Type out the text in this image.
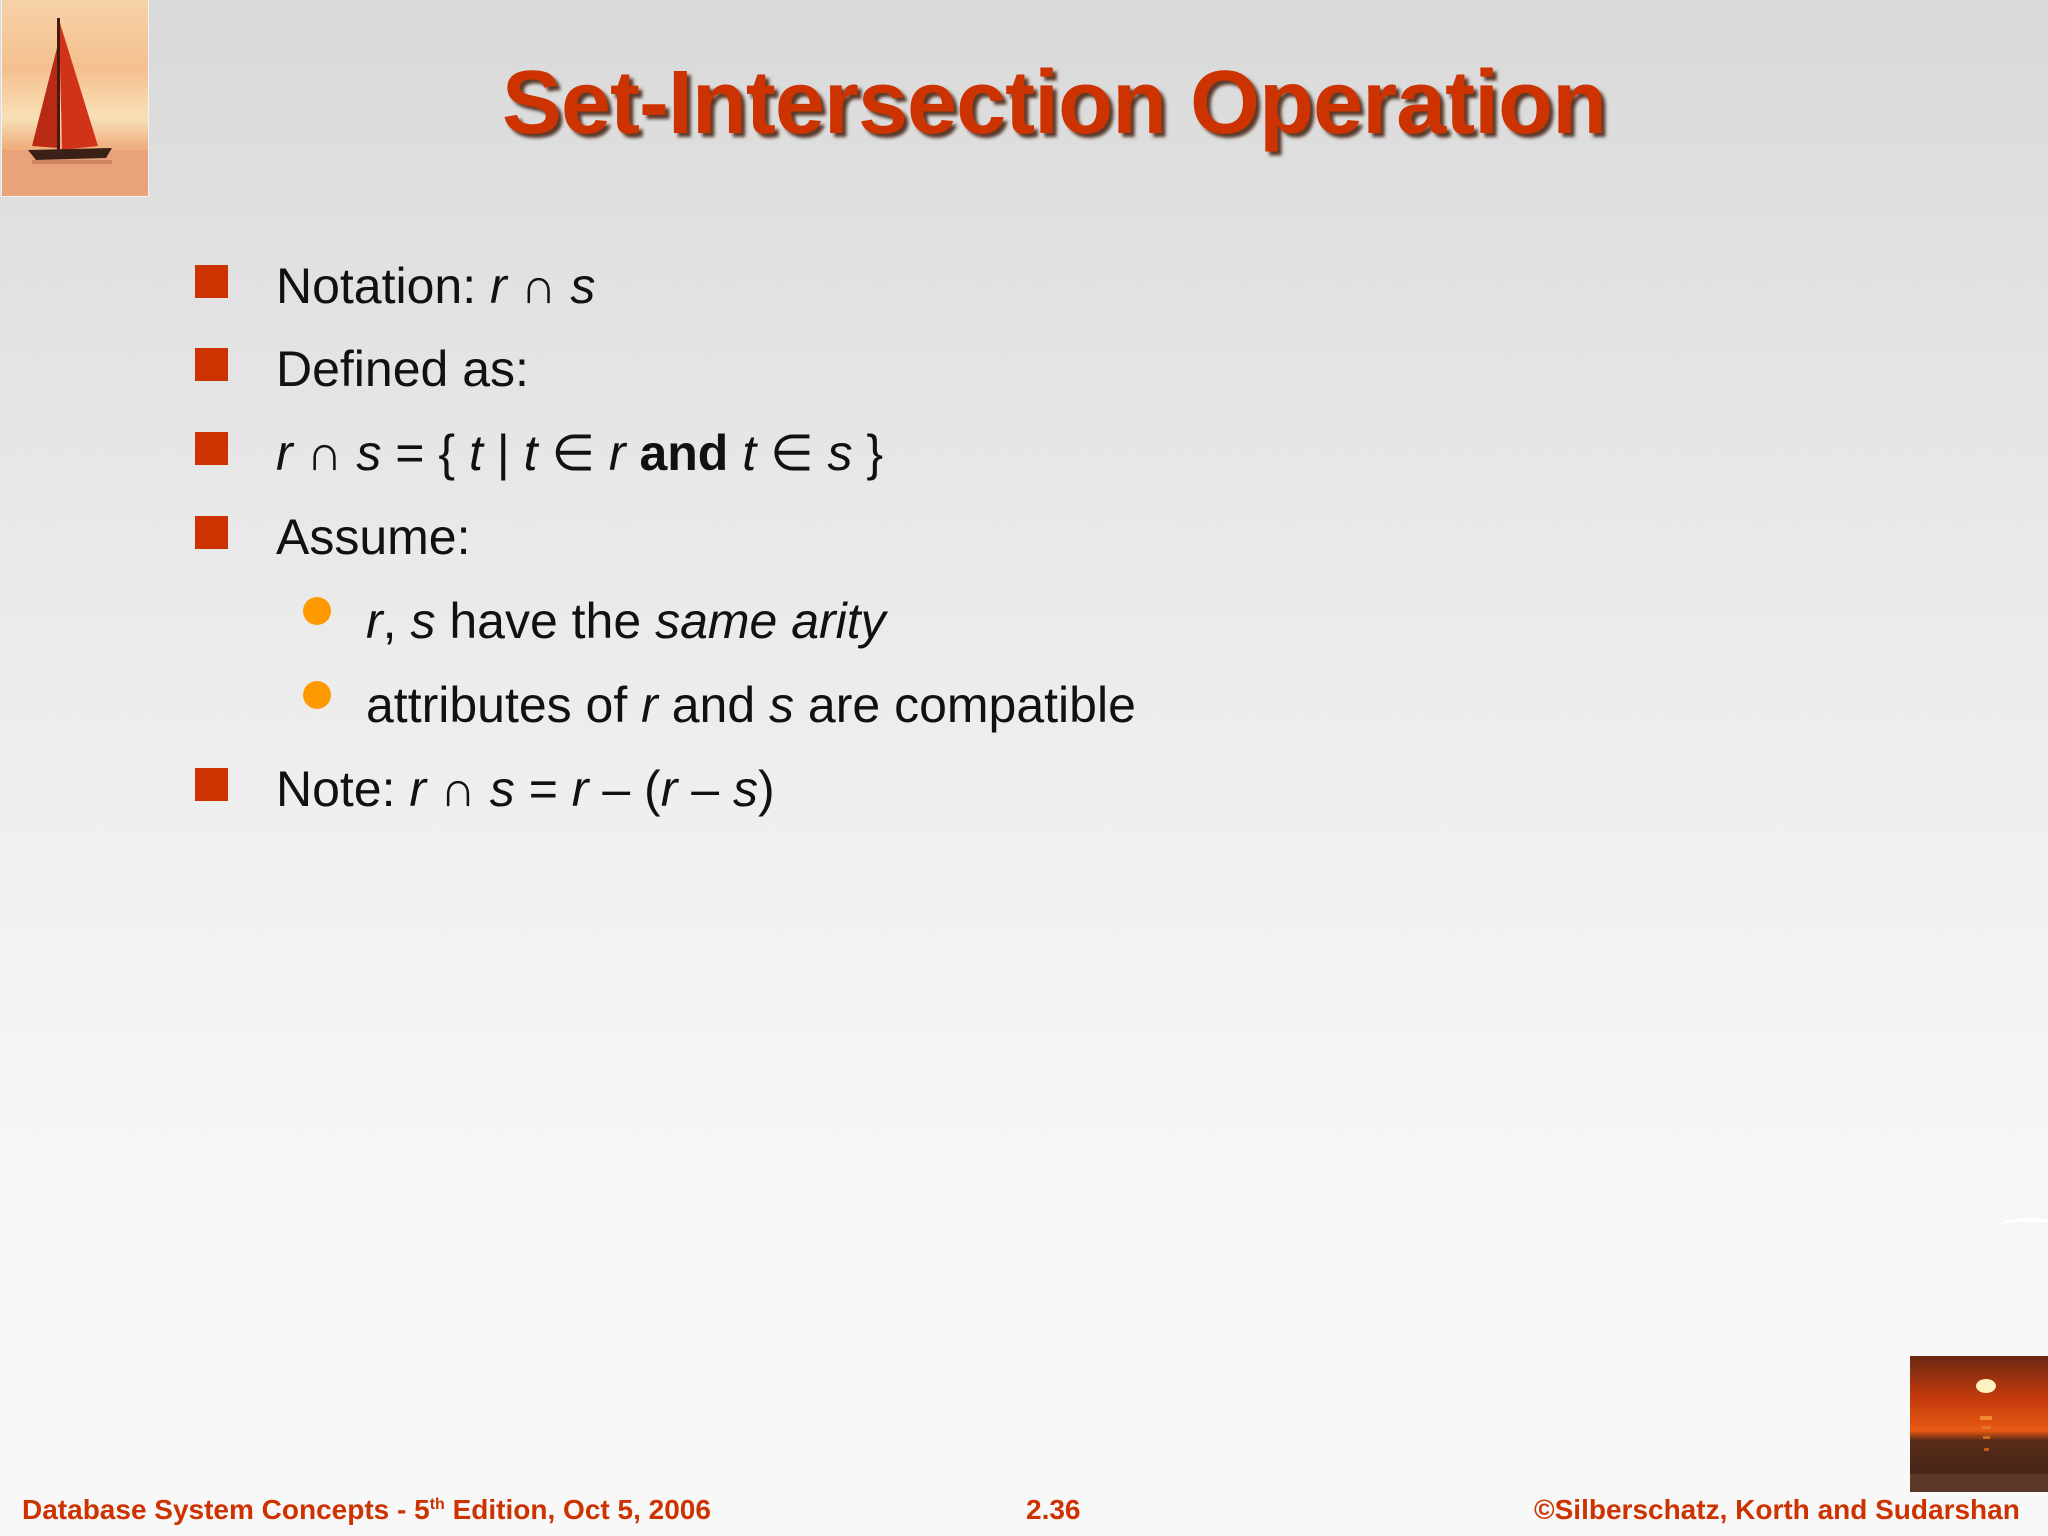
Set-Intersection Operation
Notation: r ∩ s
Defined as:
r ∩ s = { t | t ∈ r and t ∈ s }
Assume:
r, s have the same arity
attributes of r and s are compatible
Note: r ∩ s = r – (r – s)
Database System Concepts - 5th Edition, Oct 5, 2006	2.36	©Silberschatz, Korth and Sudarshan
